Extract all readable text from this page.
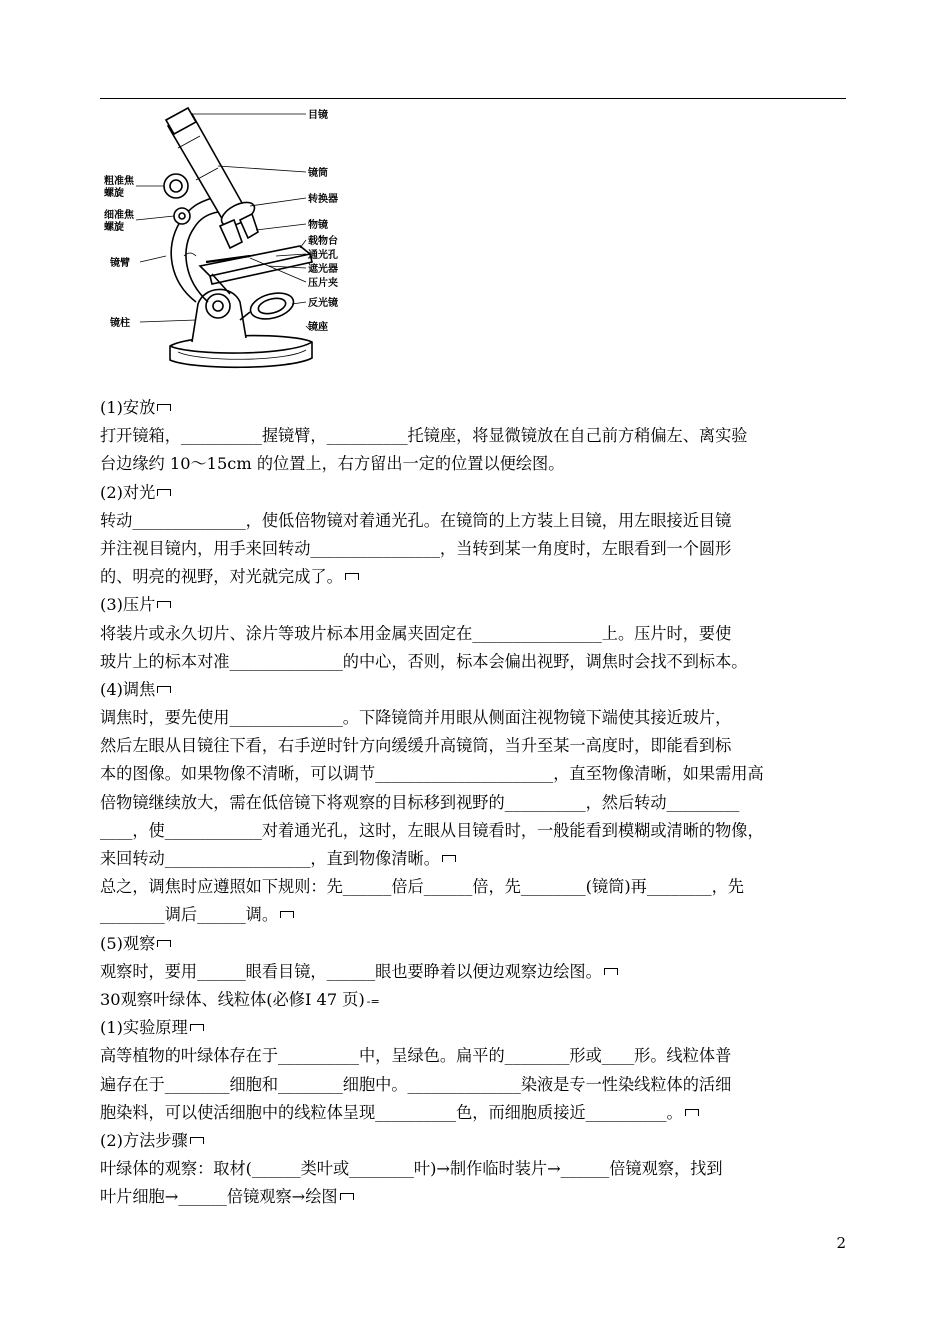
目镜
镜筒
转换器
物镜
载物台
通光孔
遮光器
压片夹
反光镜
镜座
粗准焦
螺旋
细准焦
螺旋
镜臂
镜柱
(1)安放
打开镜箱，__________握镜臂，__________托镜座，将显微镜放在自己前方稍偏左、离实验
台边缘约 10～15cm 的位置上，右方留出一定的位置以便绘图。
(2)对光
转动______________，使低倍物镜对着通光孔。在镜筒的上方装上目镜，用左眼接近目镜
并注视目镜内，用手来回转动________________，当转到某一角度时，左眼看到一个圆形
的、明亮的视野，对光就完成了。
(3)压片
将装片或永久切片、涂片等玻片标本用金属夹固定在________________上。压片时，要使
玻片上的标本对准______________的中心，否则，标本会偏出视野，调焦时会找不到标本。
(4)调焦
调焦时，要先使用______________。下降镜筒并用眼从侧面注视物镜下端使其接近玻片，
然后左眼从目镜往下看，右手逆时针方向缓缓升高镜筒，当升至某一高度时，即能看到标
本的图像。如果物像不清晰，可以调节______________________，直至物像清晰，如果需用高
倍物镜继续放大，需在低倍镜下将观察的目标移到视野的__________，然后转动_________
____，使____________对着通光孔，这时，左眼从目镜看时，一般能看到模糊或清晰的物像，
来回转动__________________，直到物像清晰。
总之，调焦时应遵照如下规则：先______倍后______倍，先________(镜筒)再________，先
________调后______调。
(5)观察
观察时，要用______眼看目镜，______眼也要睁着以便边观察边绘图。
30观察叶绿体、线粒体(必修Ⅰ 47 页) -=
(1)实验原理
高等植物的叶绿体存在于__________中，呈绿色。扁平的________形或____形。线粒体普
遍存在于________细胞和________细胞中。______________染液是专一性染线粒体的活细
胞染料，可以使活细胞中的线粒体呈现__________色，而细胞质接近__________。
(2)方法步骤
叶绿体的观察：取材(______类叶或________叶)→制作临时装片→______倍镜观察，找到
叶片细胞→______倍镜观察→绘图
2
